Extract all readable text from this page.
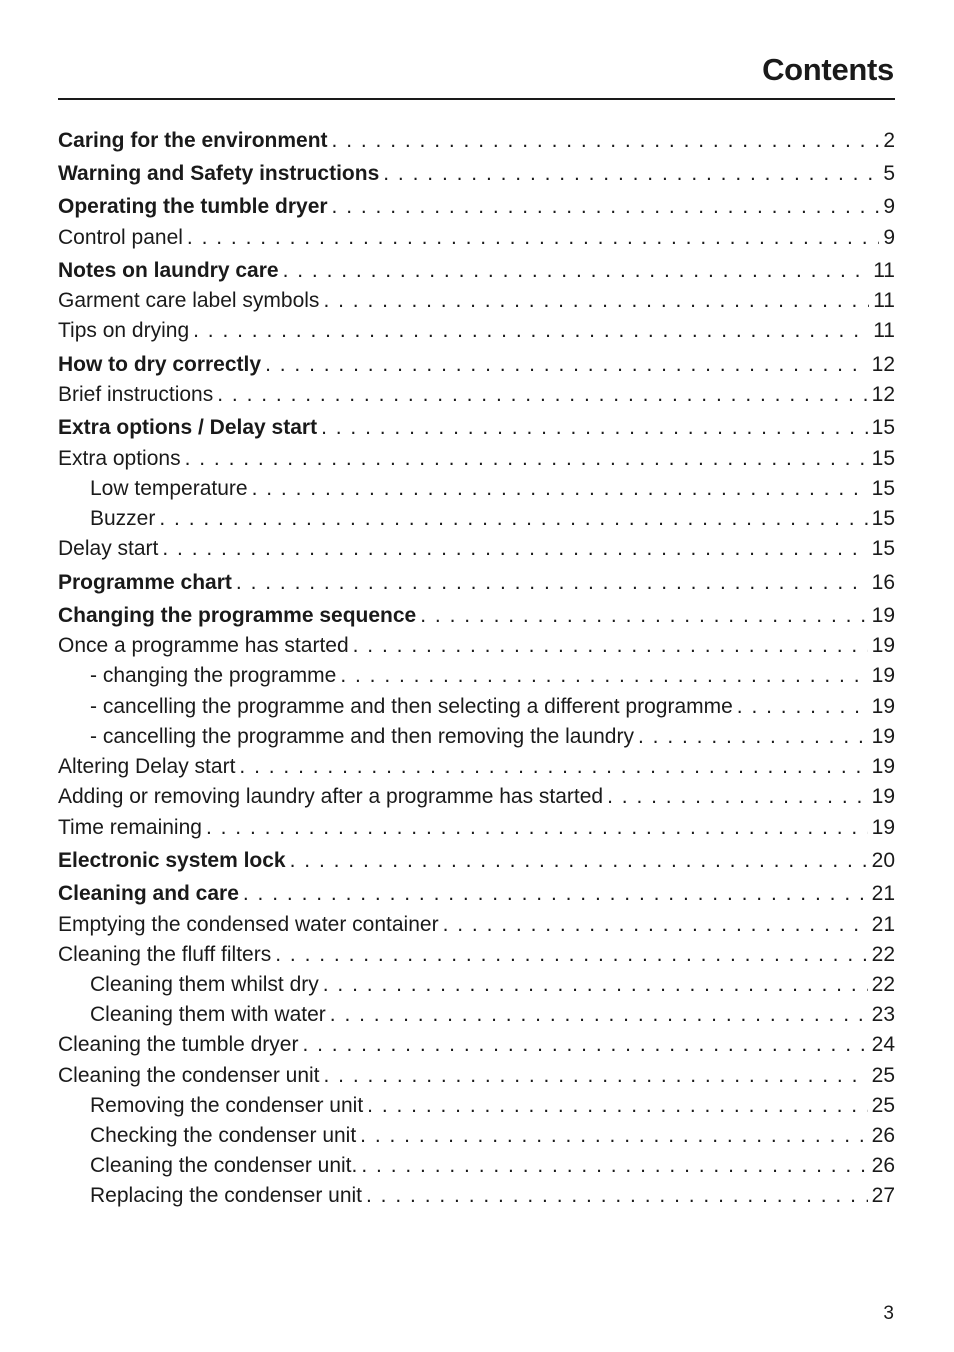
Contents
Caring for the environment . . .	2
Warning and Safety instructions . . .	5
Operating the tumble dryer . . .	9
Control panel . . .	9
Notes on laundry care . . .	11
Garment care label symbols . . .	11
Tips on drying . . .	11
How to dry correctly . . .	12
Brief instructions . . .	12
Extra options / Delay start . . .	15
Extra options . . .	15
Low temperature . . .	15
Buzzer . . .	15
Delay start . . .	15
Programme chart . . .	16
Changing the programme sequence . . .	19
Once a programme has started . . .	19
- changing the programme . . .	19
- cancelling the programme and then selecting a different programme . . .	19
- cancelling the programme and then removing the laundry . . .	19
Altering Delay start . . .	19
Adding or removing laundry after a programme has started . . .	19
Time remaining . . .	19
Electronic system lock . . .	20
Cleaning and care . . .	21
Emptying the condensed water container . . .	21
Cleaning the fluff filters . . .	22
Cleaning them whilst dry . . .	22
Cleaning them with water . . .	23
Cleaning the tumble dryer . . .	24
Cleaning the condenser unit . . .	25
Removing the condenser unit . . .	25
Checking the condenser unit . . .	26
Cleaning the condenser unit. . . .	26
Replacing the condenser unit . . .	27
3
